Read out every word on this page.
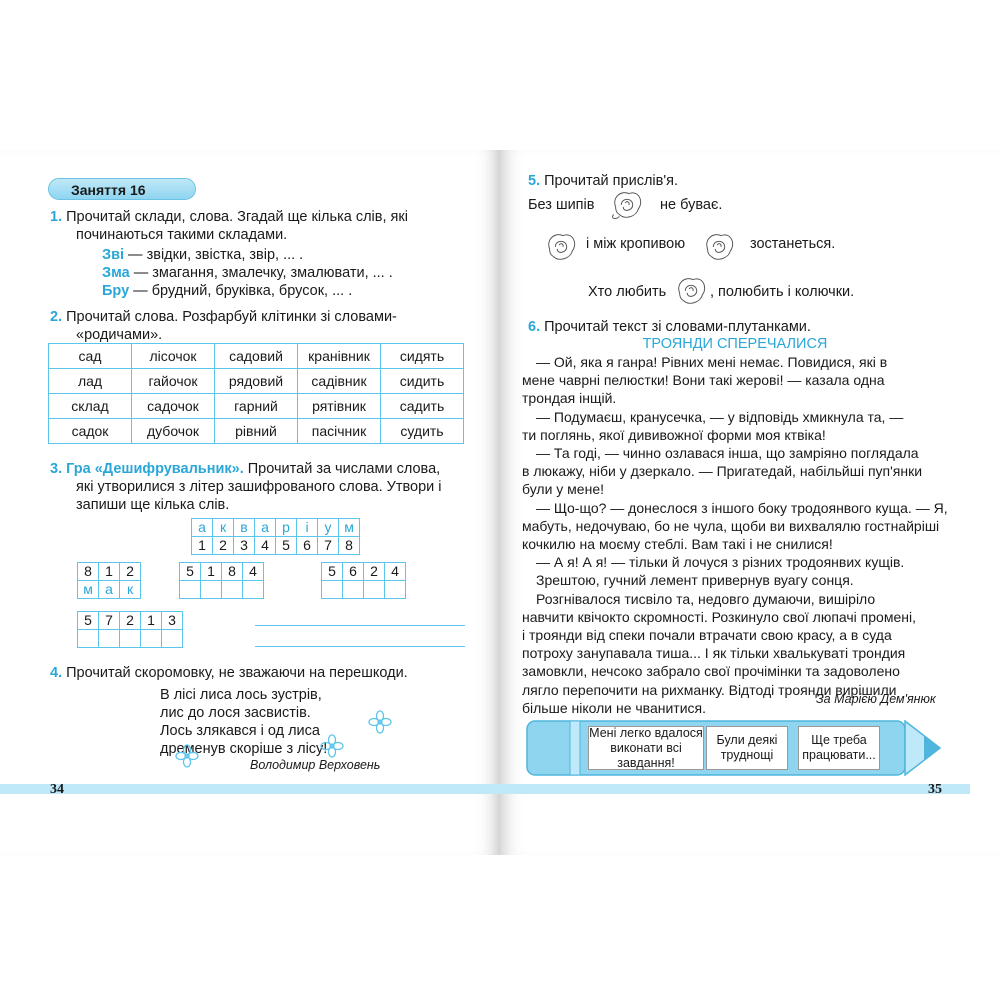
Заняття 16
1. Прочитай склади, слова. Згадай ще кілька слів, які
починаються такими складами.
Зві — звідки, звістка, звір, ... .
Зма — змагання, змалечку, змалювати, ... .
Бру — брудний, бруківка, брусок, ... .
2. Прочитай слова. Розфарбуй клітинки зі словами-
«родичами».
сад	лісочок	садовий	кранівник	сидять
лад	гайочок	рядовий	садівник	сидить
склад	садочок	гарний	рятівник	садить
садок	дубочок	рівний	пасічник	судить
3. Гра «Дешифрувальник». Прочитай за числами слова,
які утворилися з літер зашифрованого слова. Утвори і
запиши ще кілька слів.
а	к	в а р	і	у м
1 2 3 4 5 6 7 8
8 1 2
м а	к
5 1 8 4	5 6 2 4
5 7 2 1 3
4. Прочитай скоромовку, не зважаючи на перешкоди.
В лісі лиса лось зустрів,
лис до лося засвистів.
Лось злякався і од лиса
дременув скоріше з лісу!
Володимир Верховень
34
5. Прочитай прислів'я.
Без шипів	не буває.
і між кропивою	зостанеться.
Хто любить	, полюбить і колючки.
6. Прочитай текст зі словами-плутанками.
ТРОЯНДИ СПЕРЕЧАЛИСЯ
— Ой, яка я ганра! Рівних мені немає. Повидися, які в
мене чаврні пелюстки! Вони такі жерові! — казала одна
трондая інщій.
— Подумаєш, кранусечка, — у відповідь хмикнула та, —
ти поглянь, якої дививожної форми моя ктвіка!
— Та годі, — чинно озлавася інша, що замріяно поглядала
в люкажу, ніби у дзеркало. — Пригатедай, набільйші пуп'янки
були у мене!
— Що-що? — донеслося з іншого боку тродоянвого куща. — Я,
мабуть, недочуваю, бо не чула, щоби ви вихвалялю гостнайріші
кочкилю на моєму стеблі. Вам такі і не снилися!
— А я! А я! — тільки й лочуся з різних тродоянвих кущів.
Зрештою, гучний лемент привернув вуагу сонця.
Розгнівалося тисвіло та, недовго думаючи, вишіріло
навчити квічокто скромності. Розкинуло свої люпачі промені,
і троянди від спеки почали втрачати свою красу, а в суда
потроху занупавала тиша... І як тільки хвалькуваті трондия
замовкли, нечсоко забрало свої прочімінки та задоволено
лягло перепочити на рихманку. Відтоді троянди вирішили
більше ніколи не чванитися.
За Марією Дем'янюк
Мені легко вдалося виконати всі завдання!
Були деякі труднощі
Ще треба працювати...
35
